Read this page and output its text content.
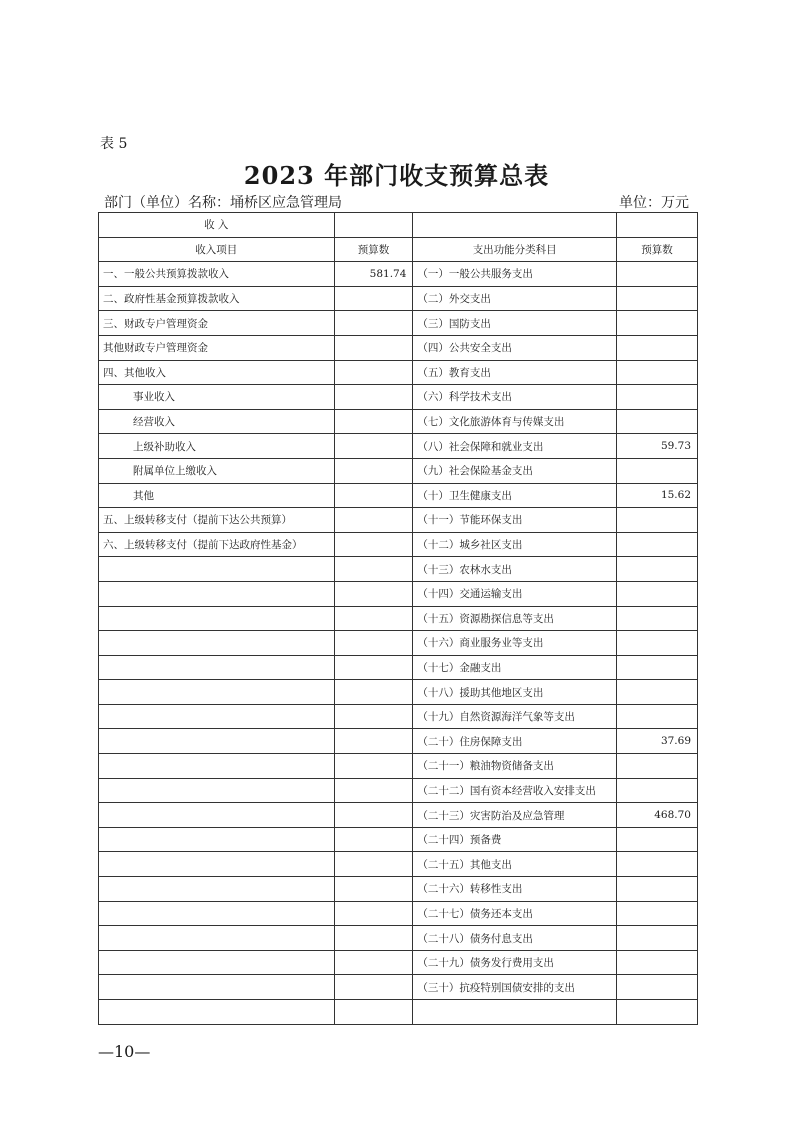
表 5
2023 年部门收支预算总表
部门（单位）名称：埇桥区应急管理局	单位：万元
收 入			
收入项目	预算数	支出功能分类科目	预算数
一、一般公共预算拨款收入	581.74	（一）一般公共服务支出	
二、政府性基金预算拨款收入		（二）外交支出	
三、财政专户管理资金		（三）国防支出	
其他财政专户管理资金		（四）公共安全支出	
四、其他收入		（五）教育支出	
事业收入		（六）科学技术支出	
经营收入		（七）文化旅游体育与传媒支出	
上级补助收入		（八）社会保障和就业支出	59.73
附属单位上缴收入		（九）社会保险基金支出	
其他		（十）卫生健康支出	15.62
五、上级转移支付（提前下达公共预算）		（十一）节能环保支出	
六、上级转移支付（提前下达政府性基金）		（十二）城乡社区支出	
		（十三）农林水支出	
		（十四）交通运输支出	
		（十五）资源勘探信息等支出	
		（十六）商业服务业等支出	
		（十七）金融支出	
		（十八）援助其他地区支出	
		（十九）自然资源海洋气象等支出	
		（二十）住房保障支出	37.69
		（二十一）粮油物资储备支出	
		（二十二）国有资本经营收入安排支出	
		（二十三）灾害防治及应急管理	468.70
		（二十四）预备费	
		（二十五）其他支出	
		（二十六）转移性支出	
		（二十七）债务还本支出	
		（二十八）债务付息支出	
		（二十九）债务发行费用支出	
		（三十）抗疫特别国债安排的支出	

—10—
